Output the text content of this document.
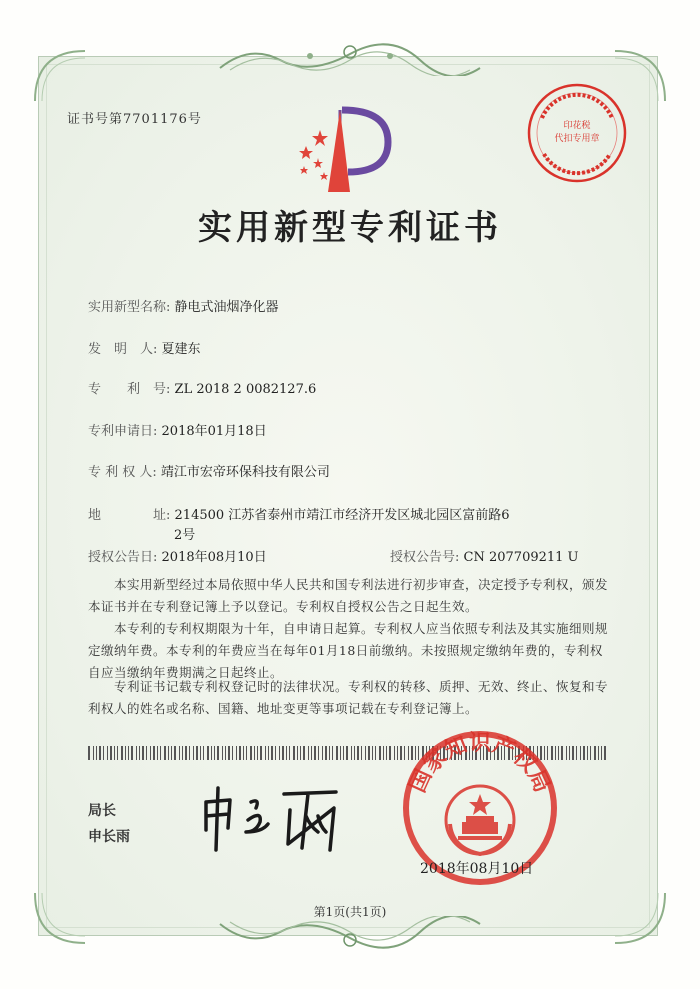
证书号第7701176号	印花税
代扣专用章
实用新型专利证书
实用新型名称: 静电式油烟净化器
发　明　人: 夏建东
专　　利　号: ZL 2018 2 0082127.6
专利申请日: 2018年01月18日
专 利 权 人: 靖江市宏帝环保科技有限公司
地　　　　址: 214500 江苏省泰州市靖江市经济开发区城北园区富前路6
2号
授权公告日: 2018年08月10日	授权公告号: CN 207709211 U
本实用新型经过本局依照中华人民共和国专利法进行初步审查，决定授予专利权，颁发本证书并在专利登记簿上予以登记。专利权自授权公告之日起生效。
本专利的专利权期限为十年，自申请日起算。专利权人应当依照专利法及其实施细则规定缴纳年费。本专利的年费应当在每年01月18日前缴纳。未按照规定缴纳年费的，专利权自应当缴纳年费期满之日起终止。
专利证书记载专利权登记时的法律状况。专利权的转移、质押、无效、终止、恢复和专利权人的姓名或名称、国籍、地址变更等事项记载在专利登记簿上。
局长
申长雨
国家知识产权局
2018年08月10日
第1页(共1页)
